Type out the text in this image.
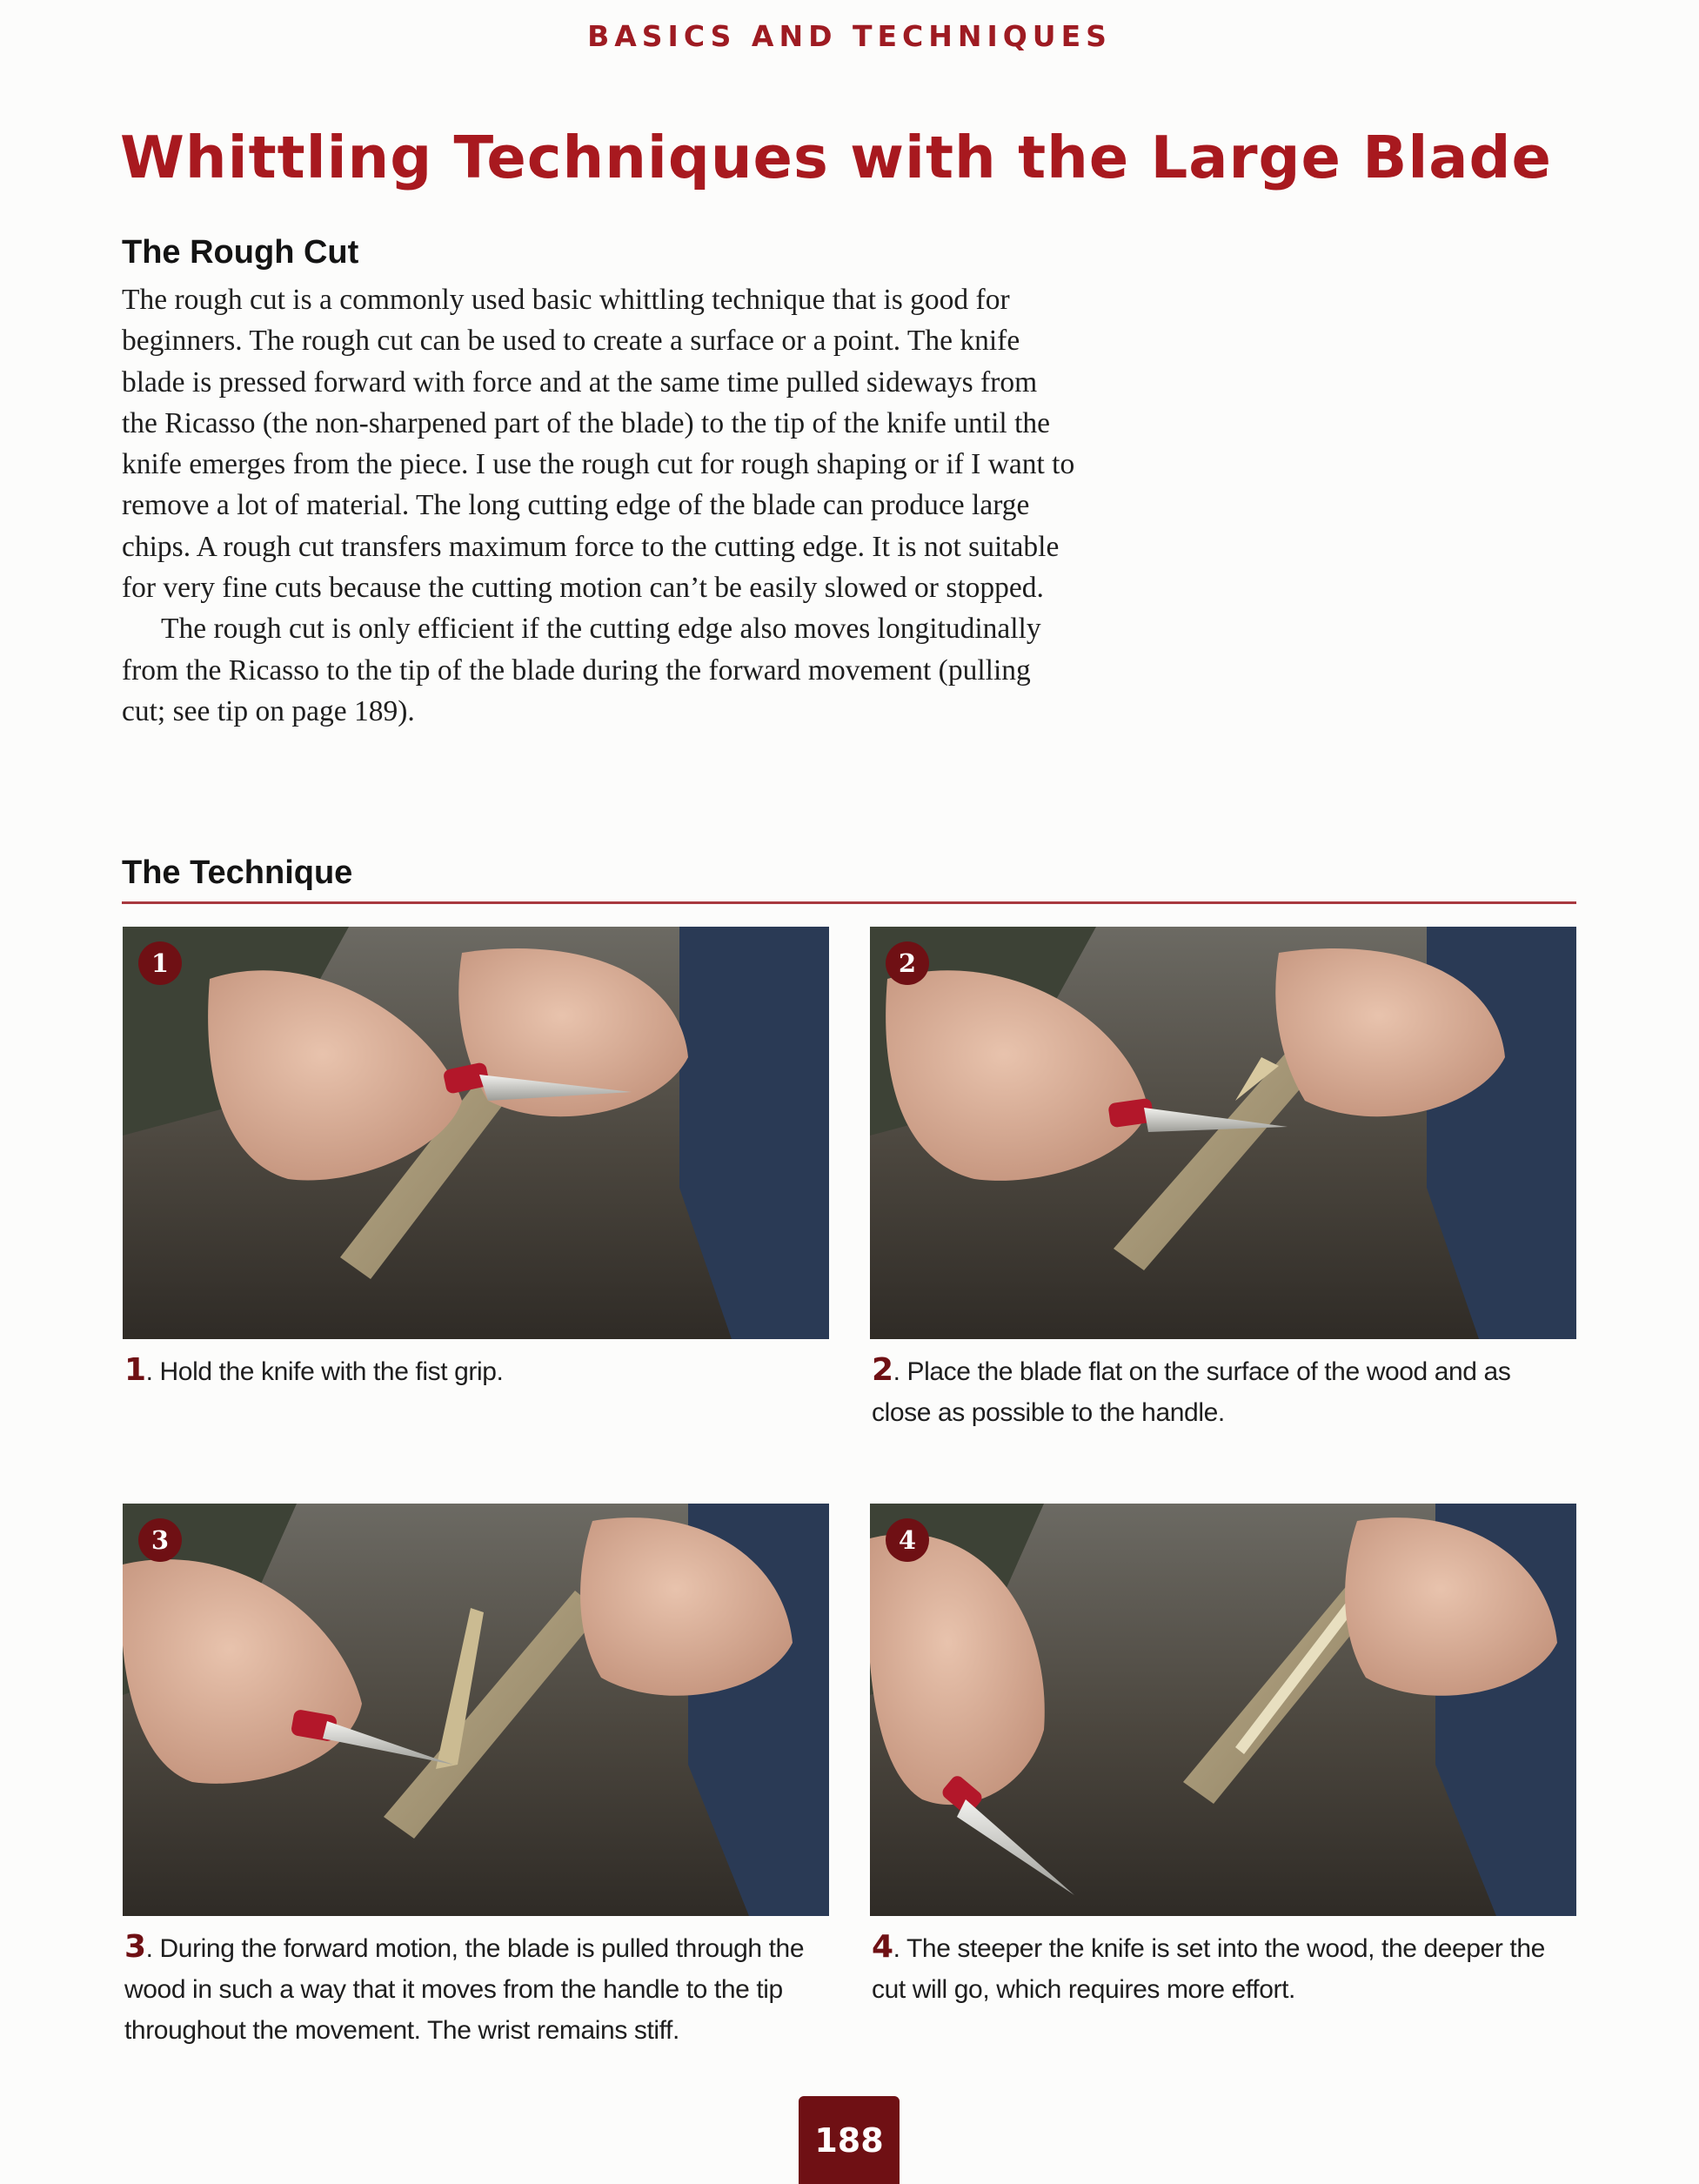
BASICS AND TECHNIQUES
Whittling Techniques with the Large Blade
The Rough Cut

The rough cut is a commonly used basic whittling technique that is good for beginners. The rough cut can be used to create a surface or a point. The knife blade is pressed forward with force and at the same time pulled sideways from the Ricasso (the non-sharpened part of the blade) to the tip of the knife until the knife emerges from the piece. I use the rough cut for rough shaping or if I want to remove a lot of material. The long cutting edge of the blade can produce large chips. A rough cut transfers maximum force to the cutting edge. It is not suitable for very fine cuts because the cutting motion can’t be easily slowed or stopped.

The rough cut is only efficient if the cutting edge also moves longitudinally from the Ricasso to the tip of the blade during the forward movement (pulling cut; see tip on page 189).

The Technique
1
1. Hold the knife with the fist grip.
2
2. Place the blade flat on the surface of the wood and as close as possible to the handle.
3
3. During the forward motion, the blade is pulled through the wood in such a way that it moves from the handle to the tip throughout the movement. The wrist remains stiff.
4
4. The steeper the knife is set into the wood, the deeper the cut will go, which requires more effort.
188
